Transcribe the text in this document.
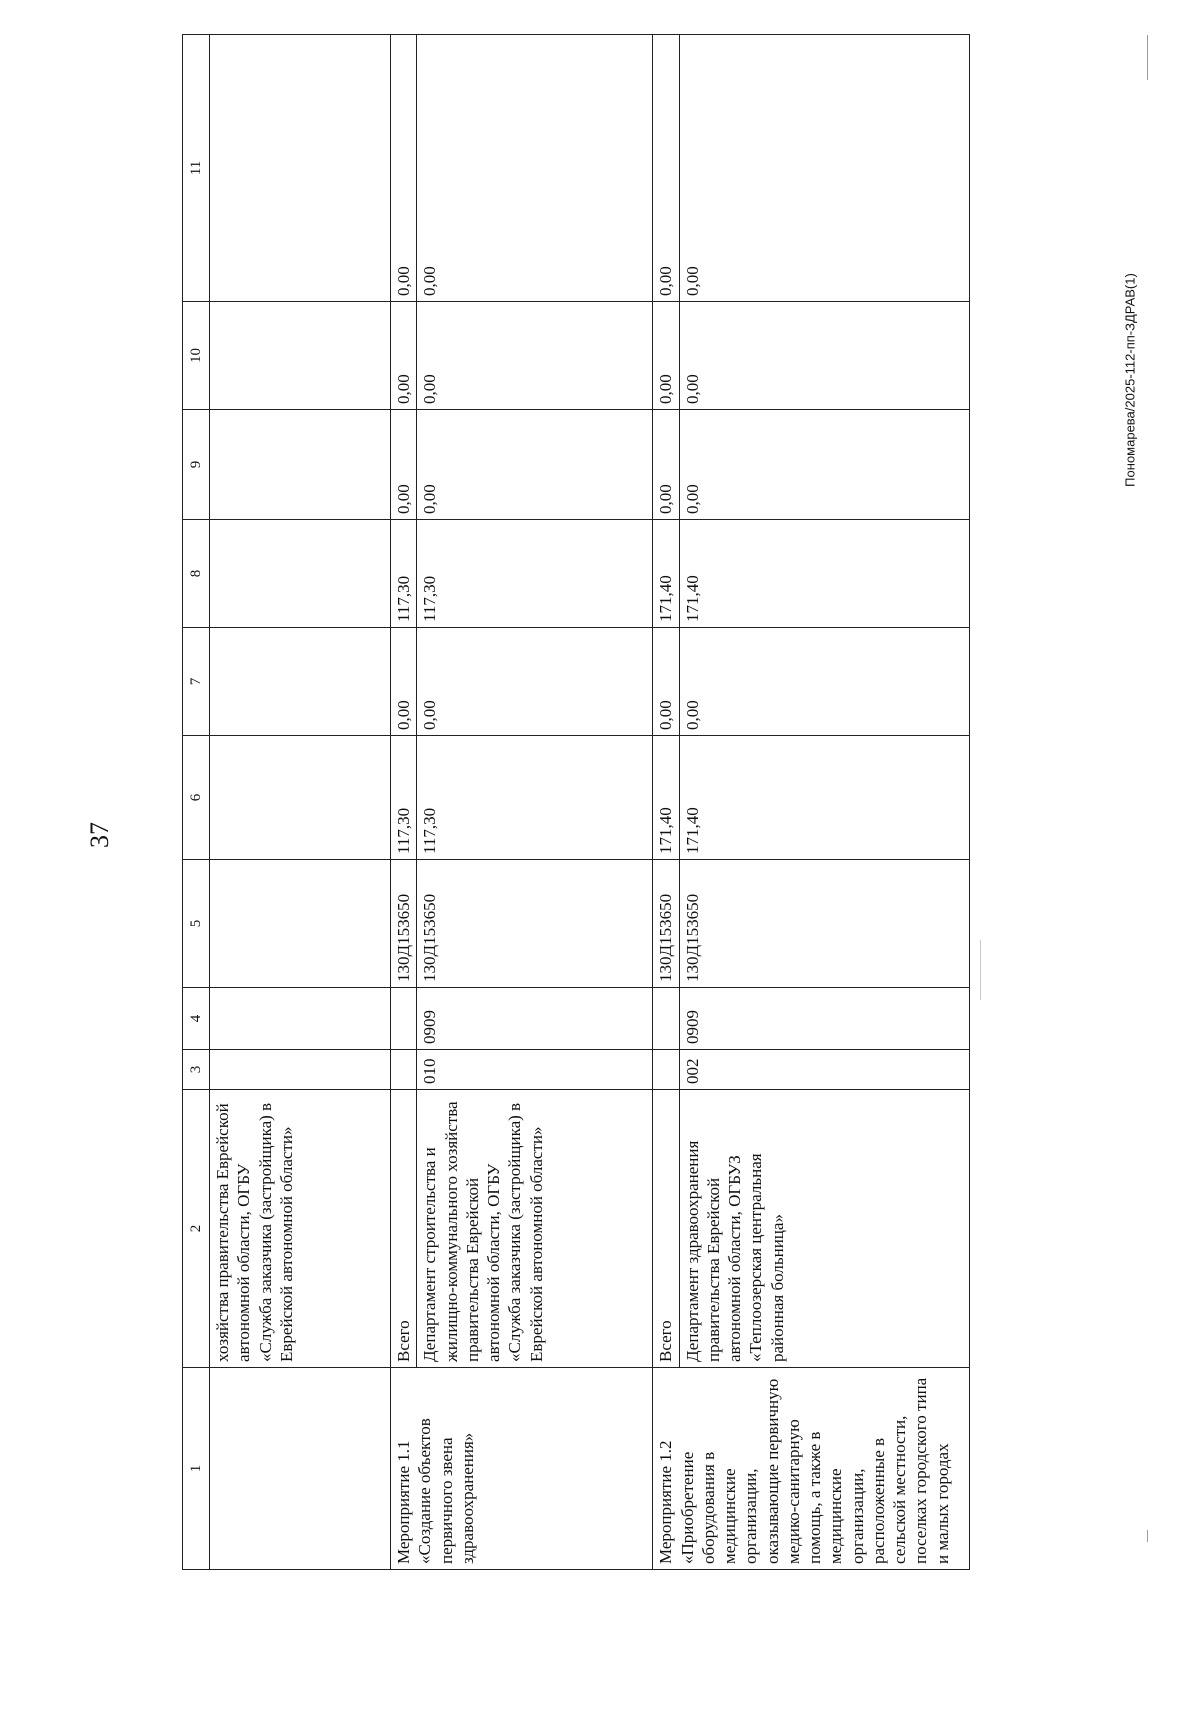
37
Пономарева/2025-112-пп-ЗДРАВ(1)
1	2	3	4	5	6	7	8	9	10	11
	хозяйства правительства Еврейской автономной области, ОГБУ «Служба заказчика (застройщика) в Еврейской автономной области»									
Мероприятие 1.1 «Создание объектов первичного звена здравоохранения»	Всего			130Д153650	117,30	0,00	117,30	0,00	0,00	0,00
	Департамент строительства и жилищно-коммунального хозяйства правительства Еврейской автономной области, ОГБУ «Служба заказчика (застройщика) в Еврейской автономной области»	010	0909	130Д153650	117,30	0,00	117,30	0,00	0,00	0,00
Мероприятие 1.2 «Приобретение оборудования в медицинские организации, оказывающие первичную медико-санитарную помощь, а также в медицинские организации, расположенные в сельской местности, поселках городского типа и малых городах	Всего			130Д153650	171,40	0,00	171,40	0,00	0,00	0,00
	Департамент здравоохранения правительства Еврейской автономной области, ОГБУЗ «Теплоозерская центральная районная больница»	002	0909	130Д153650	171,40	0,00	171,40	0,00	0,00	0,00
